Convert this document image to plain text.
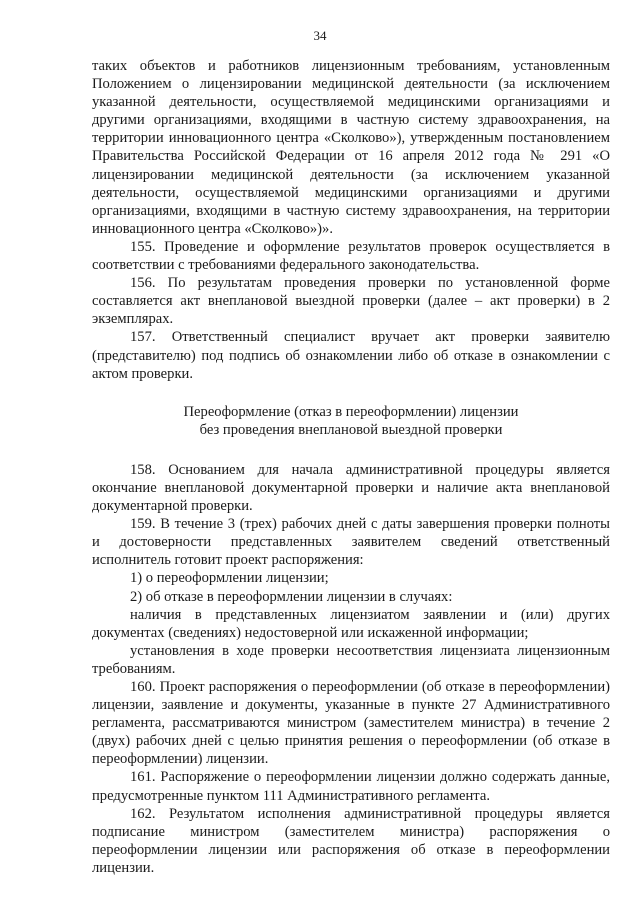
34

таких объектов и работников лицензионным требованиям, установленным Положением о лицензировании медицинской деятельности (за исключением указанной деятельности, осуществляемой медицинскими организациями и другими организациями, входящими в частную систему здравоохранения, на территории инновационного центра «Сколково»), утвержденным постановлением Правительства Российской Федерации от 16 апреля 2012 года № 291 «О лицензировании медицинской деятельности (за исключением указанной деятельности, осуществляемой медицинскими организациями и другими организациями, входящими в частную систему здравоохранения, на территории инновационного центра «Сколково»)».

155. Проведение и оформление результатов проверок осуществляется в соответствии с требованиями федерального законодательства.

156. По результатам проведения проверки по установленной форме составляется акт внеплановой выездной проверки (далее – акт проверки) в 2 экземплярах.

157. Ответственный специалист вручает акт проверки заявителю (представителю) под подпись об ознакомлении либо об отказе в ознакомлении с актом проверки.

Переоформление (отказ в переоформлении) лицензии
без проведения внеплановой выездной проверки

158. Основанием для начала административной процедуры является окончание внеплановой документарной проверки и наличие акта внеплановой документарной проверки.

159. В течение 3 (трех) рабочих дней с даты завершения проверки полноты и достоверности представленных заявителем сведений ответственный исполнитель готовит проект распоряжения:

1) о переоформлении лицензии;

2) об отказе в переоформлении лицензии в случаях:

наличия в представленных лицензиатом заявлении и (или) других документах (сведениях) недостоверной или искаженной информации;

установления в ходе проверки несоответствия лицензиата лицензионным требованиям.

160. Проект распоряжения о переоформлении (об отказе в переоформлении) лицензии, заявление и документы, указанные в пункте 27 Административного регламента, рассматриваются министром (заместителем министра) в течение 2 (двух) рабочих дней с целью принятия решения о переоформлении (об отказе в переоформлении) лицензии.

161. Распоряжение о переоформлении лицензии должно содержать данные, предусмотренные пунктом 111 Административного регламента.

162. Результатом исполнения административной процедуры является подписание министром (заместителем министра) распоряжения о переоформлении лицензии или распоряжения об отказе в переоформлении лицензии.
